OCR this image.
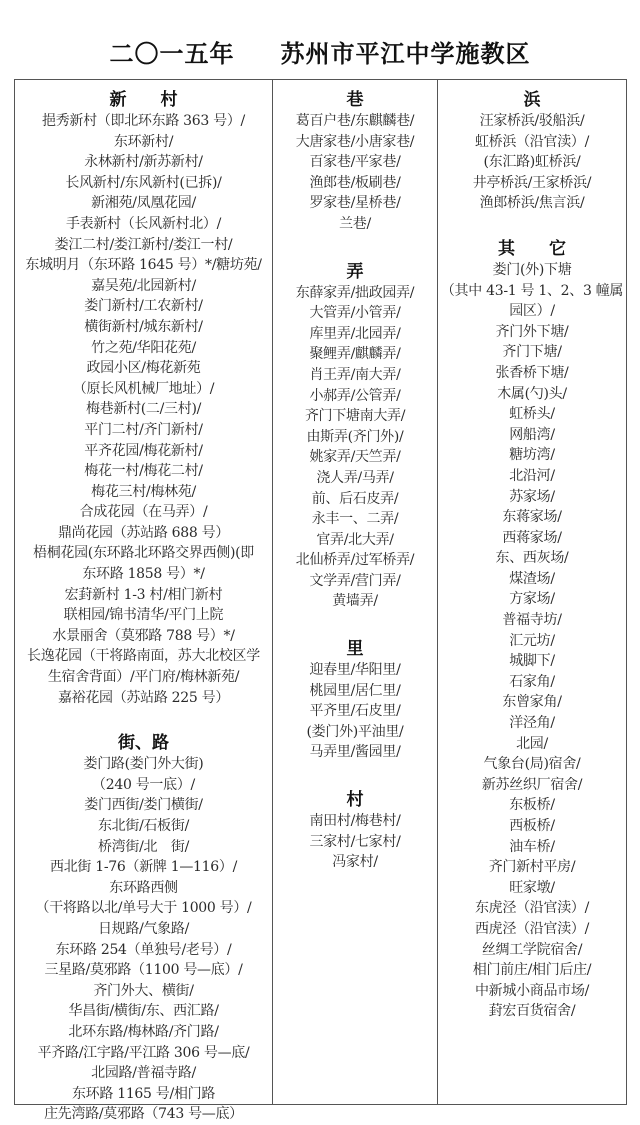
二〇一五年 苏州市平江中学施教区
新　　村
挹秀新村（即北环东路 363 号）/
东环新村/
永林新村/新苏新村/
长风新村/东风新村(已拆)/
新湘苑/凤凰花园/
手表新村（长风新村北）/
娄江二村/娄江新村/娄江一村/
东城明月（东环路 1645 号）*/糖坊苑/
嘉吴苑/北园新村/
娄门新村/工农新村/
横街新村/城东新村/
竹之苑/华阳花苑/
政园小区/梅花新苑
（原长风机械厂地址）/
梅巷新村(二/三村)/
平门二村/齐门新村/
平齐花园/梅花新村/
梅花一村/梅花二村/
梅花三村/梅林苑/
合成花园（在马弄）/
鼎尚花园（苏站路 688 号）
梧桐花园(东环路北环路交界西侧)(即
东环路 1858 号）*/
宏葑新村 1-3 村/相门新村
联相园/锦书清华/平门上院
水景丽舍（莫邪路 788 号）*/
长逸花园（干将路南面，苏大北校区学
生宿舍背面）/平门府/梅林新苑/
嘉裕花园（苏站路 225 号）
街、路
娄门路(娄门外大街)
（240 号一底）/
娄门西街/娄门横街/
东北街/石板街/
桥湾街/北　街/
西北街 1-76（新牌 1—116）/
东环路西侧
（干将路以北/单号大于 1000 号）/
日规路/气象路/
东环路 254（单独号/老号）/
三星路/莫邪路（1100 号—底）/
齐门外大、横街/
华昌街/横街/东、西汇路/
北环东路/梅林路/齐门路/
平齐路/江宇路/平江路 306 号—底/
北园路/普福寺路/
东环路 1165 号/相门路
庄先湾路/莫邪路（743 号—底）
巷
葛百户巷/东麒麟巷/
大唐家巷/小唐家巷/
百家巷/平家巷/
渔郎巷/板刷巷/
罗家巷/星桥巷/
兰巷/
弄
东薛家弄/拙政园弄/
大管弄/小管弄/
库里弄/北园弄/
聚鲤弄/麒麟弄/
肖王弄/南大弄/
小郝弄/公管弄/
齐门下塘南大弄/
由斯弄(齐门外)/
姚家弄/天竺弄/
浇人弄/马弄/
前、后石皮弄/
永丰一、二弄/
官弄/北大弄/
北仙桥弄/过军桥弄/
文学弄/营门弄/
黄墙弄/
里
迎春里/华阳里/
桃园里/居仁里/
平齐里/石皮里/
(娄门外)平油里/
马弄里/酱园里/
村
南田村/梅巷村/
三家村/七家村/
冯家村/
浜
汪家桥浜/驳船浜/
虹桥浜（沿官渎）/
(东汇路)虹桥浜/
井亭桥浜/王家桥浜/
渔郎桥浜/焦言浜/
其　　它
娄门(外)下塘
（其中 43-1 号 1、2、3 幢属
园区）/
齐门外下塘/
齐门下塘/
张香桥下塘/
木属(勺)头/
虹桥头/
网船湾/
糖坊湾/
北沿河/
苏家场/
东蒋家场/
西蒋家场/
东、西灰场/
煤渣场/
方家场/
普福寺坊/
汇元坊/
城脚下/
石家角/
东曾家角/
洋泾角/
北园/
气象台(局)宿舍/
新苏丝织厂宿舍/
东板桥/
西板桥/
油车桥/
齐门新村平房/
旺家墩/
东虎泾（沿官渎）/
西虎泾（沿官渎）/
丝绸工学院宿舍/
相门前庄/相门后庄/
中新城小商品市场/
葑宏百货宿舍/
